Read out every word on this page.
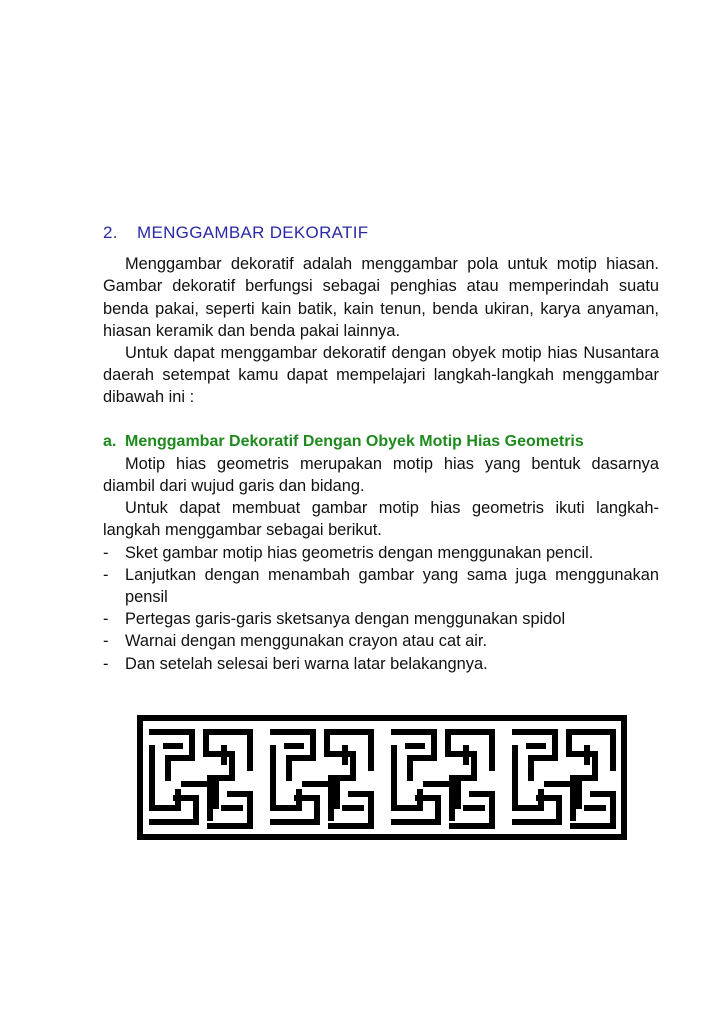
2.	MENGGAMBAR DEKORATIF

Menggambar dekoratif adalah menggambar pola untuk motip hiasan. Gambar dekoratif berfungsi sebagai penghias atau memperindah suatu benda pakai, seperti kain batik, kain tenun, benda ukiran, karya anyaman, hiasan keramik dan benda pakai lainnya.

Untuk dapat menggambar dekoratif dengan obyek motip hias Nusantara daerah setempat kamu dapat mempelajari langkah-langkah menggambar dibawah ini :

a. Menggambar Dekoratif Dengan Obyek Motip Hias Geometris

Motip hias geometris merupakan motip hias yang bentuk dasarnya diambil dari wujud garis dan bidang.

Untuk dapat membuat gambar motip hias geometris ikuti langkah-langkah menggambar sebagai berikut.

-	Sket gambar motip hias geometris dengan menggunakan pencil.
-	Lanjutkan dengan menambah gambar yang sama juga menggunakan pensil
-	Pertegas garis-garis sketsanya dengan menggunakan spidol
-	Warnai dengan menggunakan crayon atau cat air.
-	Dan setelah selesai beri warna latar belakangnya.
